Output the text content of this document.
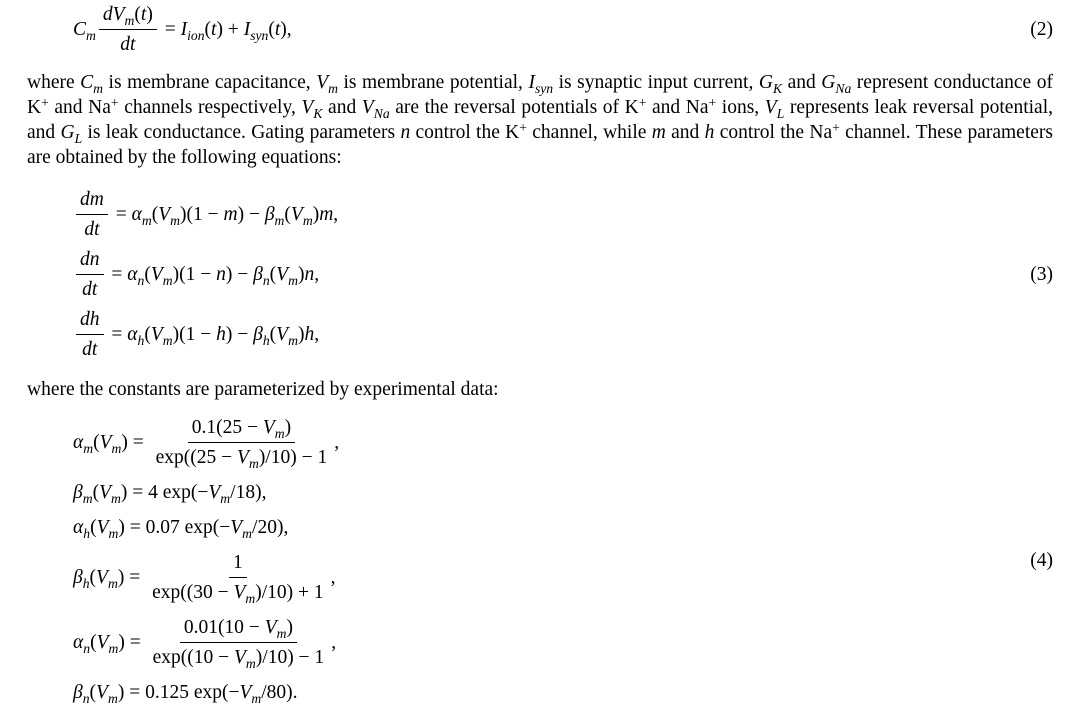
$C_m \frac{dV_m(t)}{dt} = I_{ion}(t) + I_{syn}(t)$,	(2)

where $C_m$ is membrane capacitance, $V_m$ is membrane potential, $I_{syn}$ is synaptic input current, $G_K$ and $G_{Na}$ represent conductance of K+ and Na+ channels respectively, $V_K$ and $V_{Na}$ are the reversal potentials of K+ and Na+ ions, $V_L$ represents leak reversal potential, and $G_L$ is leak conductance. Gating parameters n control the K+ channel, while m and h control the Na+ channel. These parameters are obtained by the following equations:

$\frac{dm}{dt} = \alpha_m(V_m)(1 - m) - \beta_m(V_m)m$,
$\frac{dn}{dt} = \alpha_n(V_m)(1 - n) - \beta_n(V_m)n$,
$\frac{dh}{dt} = \alpha_h(V_m)(1 - h) - \beta_h(V_m)h$,
(3)

where the constants are parameterized by experimental data:

$\alpha_m(V_m) = \frac{0.1(25 - V_m)}{\exp((25 - V_m)/10) - 1}$ ,
$\beta_m(V_m) = 4$ $\exp(-V_m/18)$,
$\alpha_h(V_m) = 0.07$ $\exp(-V_m/20)$,
$\beta_h(V_m) = \frac{1}{\exp((30 - V_m)/10) + 1}$ ,
$\alpha_n(V_m) = \frac{0.01(10 - V_m)}{\exp((10 - V_m)/10) - 1}$ ,
$\beta_n(V_m) = 0.125$ $\exp(-V_m/80)$.
(4)
